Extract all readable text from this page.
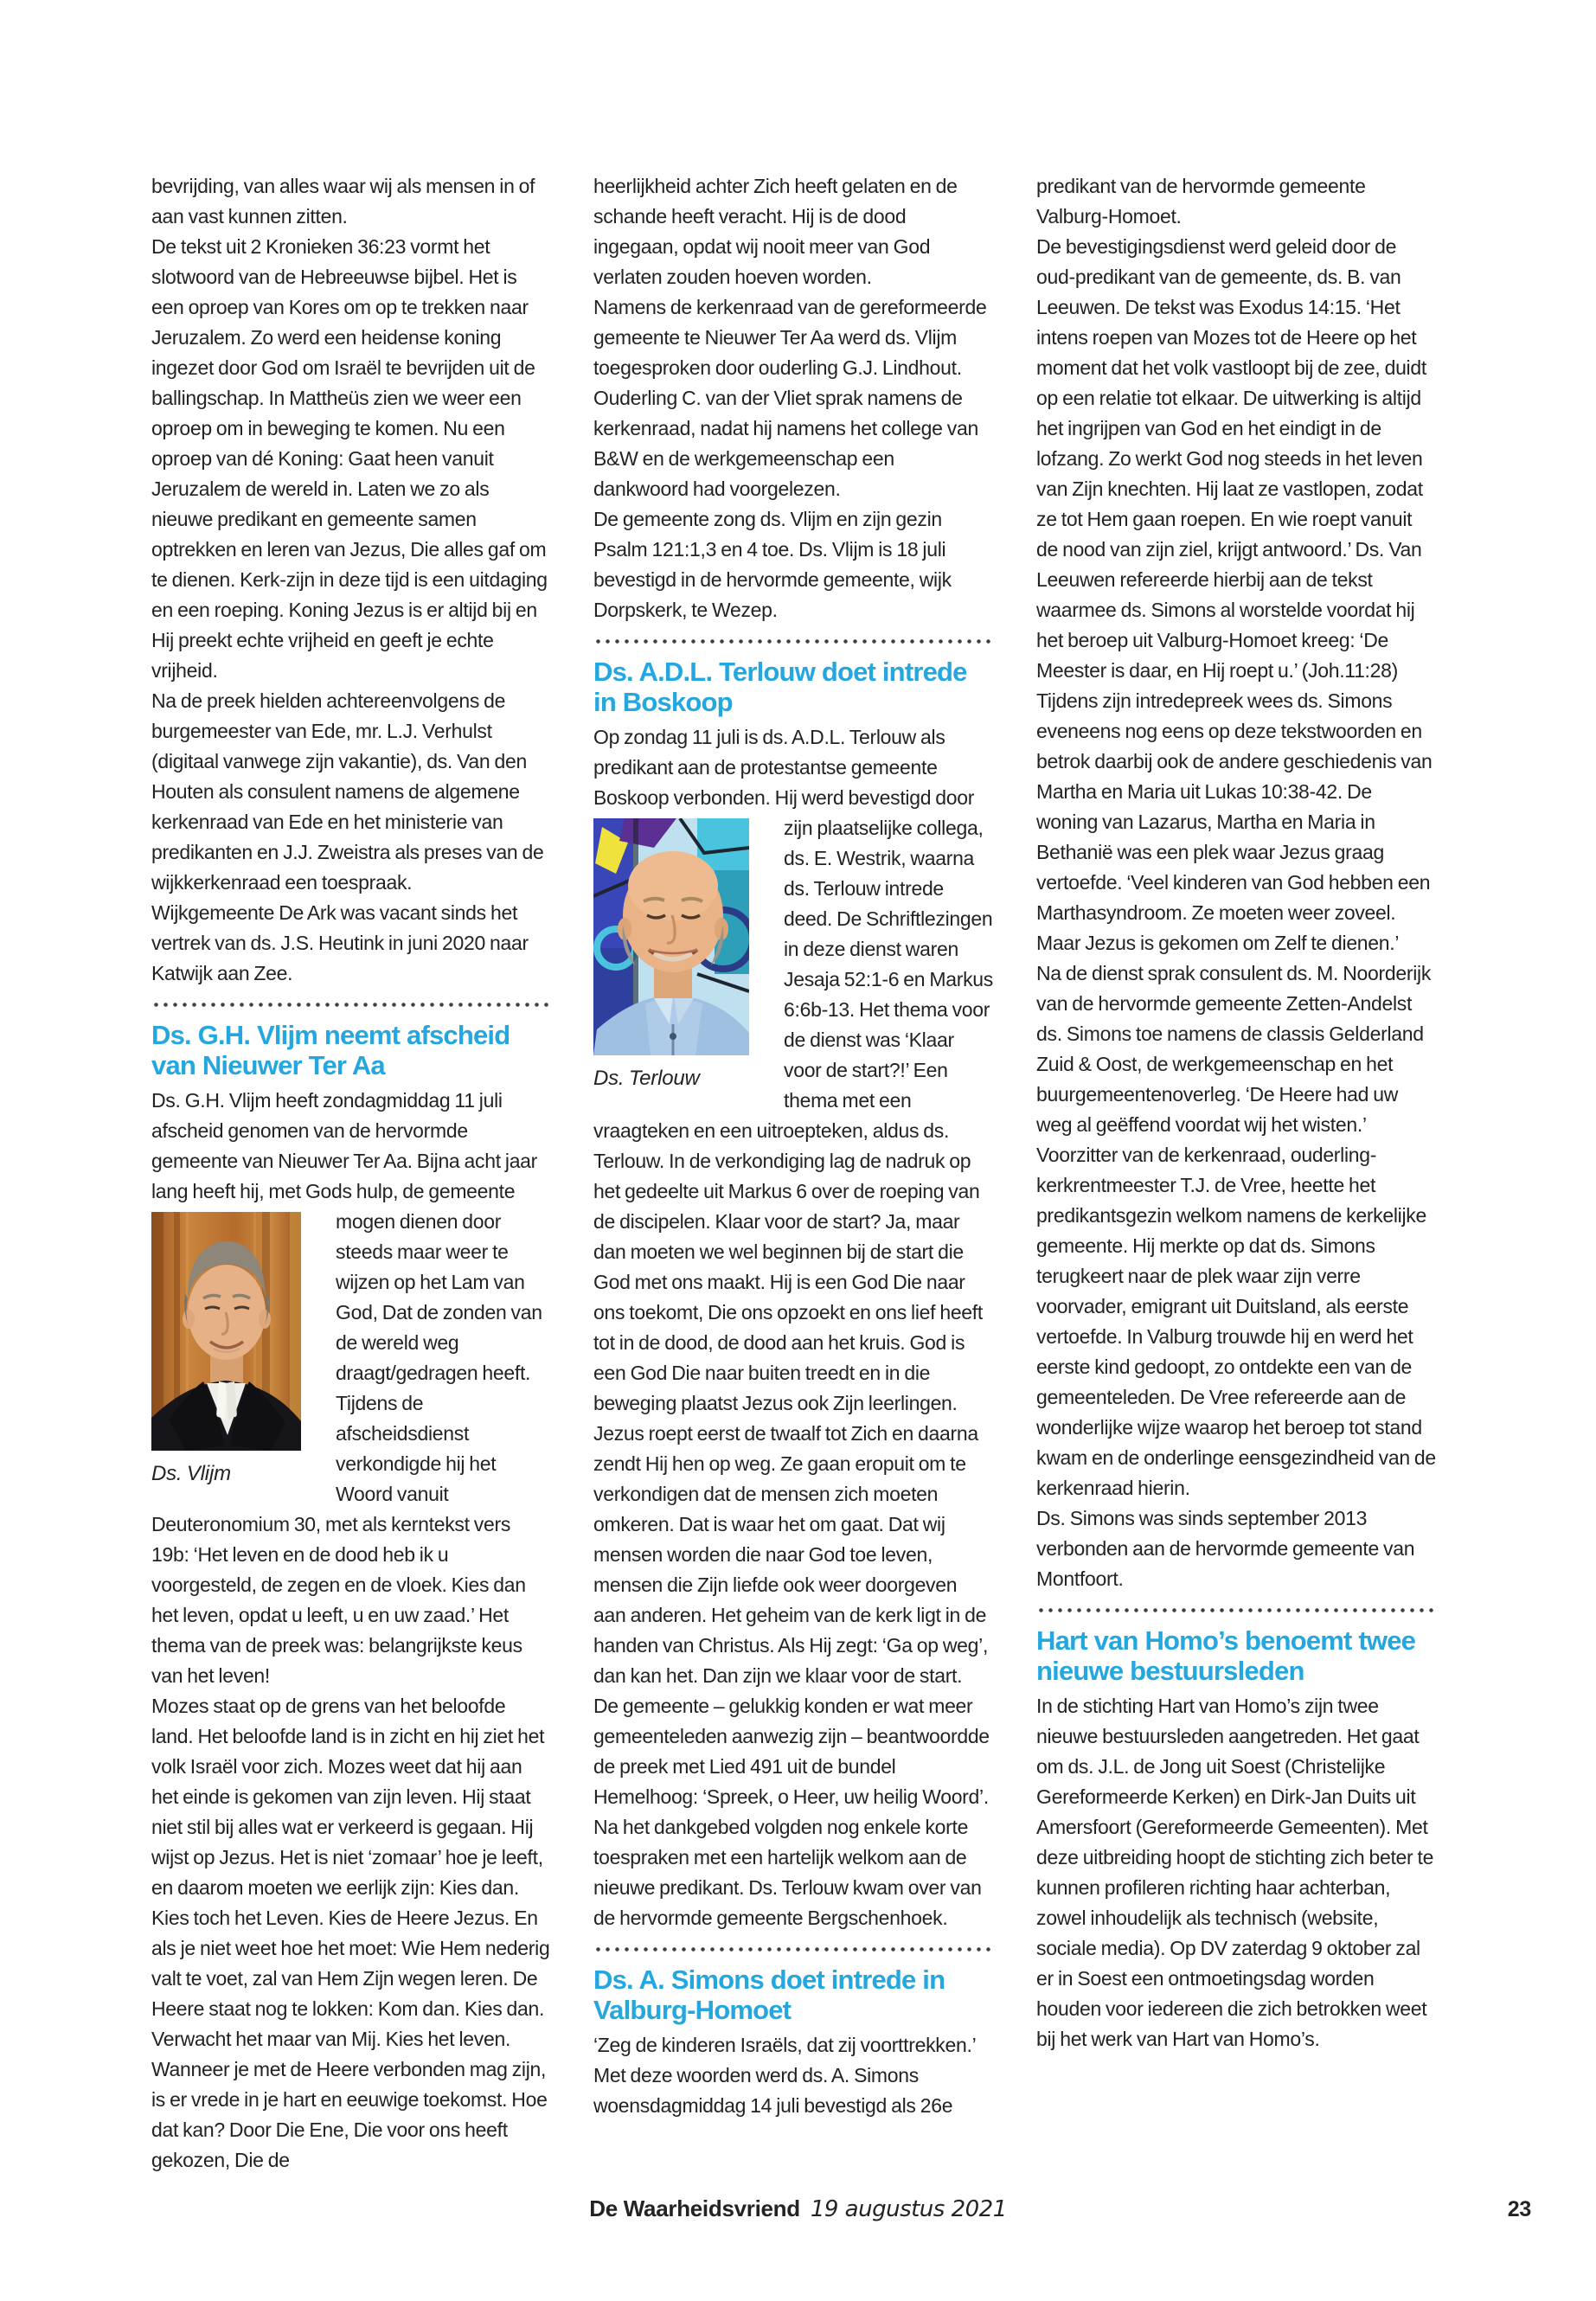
bevrijding, van alles waar wij als mensen in of aan vast kunnen zitten.

De tekst uit 2 Kronieken 36:23 vormt het slotwoord van de Hebreeuwse bijbel. Het is een oproep van Kores om op te trekken naar Jeruzalem. Zo werd een heidense koning ingezet door God om Israël te bevrijden uit de ballingschap. In Mattheüs zien we weer een oproep om in beweging te komen. Nu een oproep van dé Koning: Gaat heen vanuit Jeruzalem de wereld in. Laten we zo als nieuwe predikant en gemeente samen optrekken en leren van Jezus, Die alles gaf om te dienen. Kerk-zijn in deze tijd is een uitdaging en een roeping. Koning Jezus is er altijd bij en Hij preekt echte vrijheid en geeft je echte vrijheid.

Na de preek hielden achtereenvolgens de burgemeester van Ede, mr. L.J. Verhulst (digitaal vanwege zijn vakantie), ds. Van den Houten als consulent namens de algemene kerkenraad van Ede en het ministerie van predikanten en J.J. Zweistra als preses van de wijkkerkenraad een toespraak.

Wijkgemeente De Ark was vacant sinds het vertrek van ds. J.S. Heutink in juni 2020 naar Katwijk aan Zee.

Ds. G.H. Vlijm neemt afscheid van Nieuwer Ter Aa

Ds. G.H. Vlijm heeft zondagmiddag 11 juli afscheid genomen van de hervormde gemeente van Nieuwer Ter Aa. Bijna acht jaar lang heeft hij, met Gods hulp, de gemeente
Ds. Vlijm
mogen dienen door steeds maar weer te wijzen op het Lam van God, Dat de zonden van de wereld weg draagt/gedragen heeft. Tijdens de afscheidsdienst verkondigde hij het Woord vanuit Deuteronomium 30, met als kerntekst vers 19b: ‘Het leven en de dood heb ik u voorgesteld, de zegen en de vloek. Kies dan het leven, opdat u leeft, u en uw zaad.’ Het thema van de preek was: belangrijkste keus van het leven!

Mozes staat op de grens van het beloofde land. Het beloofde land is in zicht en hij ziet het volk Israël voor zich. Mozes weet dat hij aan het einde is gekomen van zijn leven. Hij staat niet stil bij alles wat er verkeerd is gegaan. Hij wijst op Jezus. Het is niet ‘zomaar’ hoe je leeft, en daarom moeten we eerlijk zijn: Kies dan. Kies toch het Leven. Kies de Heere Jezus. En als je niet weet hoe het moet: Wie Hem nederig valt te voet, zal van Hem Zijn wegen leren. De Heere staat nog te lokken: Kom dan. Kies dan. Verwacht het maar van Mij. Kies het leven. Wanneer je met de Heere verbonden mag zijn, is er vrede in je hart en eeuwige toekomst. Hoe dat kan? Door Die Ene, Die voor ons heeft gekozen, Die de

heerlijkheid achter Zich heeft gelaten en de schande heeft veracht. Hij is de dood ingegaan, opdat wij nooit meer van God verlaten zouden hoeven worden.

Namens de kerkenraad van de gereformeerde gemeente te Nieuwer Ter Aa werd ds. Vlijm toegesproken door ouderling G.J. Lindhout. Ouderling C. van der Vliet sprak namens de kerkenraad, nadat hij namens het college van B&W en de werkgemeenschap een dankwoord had voorgelezen.

De gemeente zong ds. Vlijm en zijn gezin Psalm 121:1,3 en 4 toe. Ds. Vlijm is 18 juli bevestigd in de hervormde gemeente, wijk Dorpskerk, te Wezep.

Ds. A.D.L. Terlouw doet intrede in Boskoop

Op zondag 11 juli is ds. A.D.L. Terlouw als predikant aan de protestantse gemeente Boskoop verbonden. Hij werd bevestigd door zijn
Ds. Terlouw
plaatselijke collega, ds. E. Westrik, waarna ds. Terlouw intrede deed. De Schriftlezingen in deze dienst waren Jesaja 52:1-6 en Markus 6:6b-13. Het thema voor de dienst was ‘Klaar voor de start?!’ Een thema met een vraagteken en een uitroepteken, aldus ds. Terlouw. In de verkondiging lag de nadruk op het gedeelte uit Markus 6 over de roeping van de discipelen. Klaar voor de start? Ja, maar dan moeten we wel beginnen bij de start die God met ons maakt. Hij is een God Die naar ons toekomt, Die ons opzoekt en ons lief heeft tot in de dood, de dood aan het kruis. God is een God Die naar buiten treedt en in die beweging plaatst Jezus ook Zijn leerlingen. Jezus roept eerst de twaalf tot Zich en daarna zendt Hij hen op weg. Ze gaan eropuit om te verkondigen dat de mensen zich moeten omkeren. Dat is waar het om gaat. Dat wij mensen worden die naar God toe leven, mensen die Zijn liefde ook weer doorgeven aan anderen. Het geheim van de kerk ligt in de handen van Christus. Als Hij zegt: ‘Ga op weg’, dan kan het. Dan zijn we klaar voor de start.

De gemeente – gelukkig konden er wat meer gemeenteleden aanwezig zijn – beantwoordde de preek met Lied 491 uit de bundel Hemelhoog: ‘Spreek, o Heer, uw heilig Woord’. Na het dankgebed volgden nog enkele korte toespraken met een hartelijk welkom aan de nieuwe predikant. Ds. Terlouw kwam over van de hervormde gemeente Bergschenhoek.

Ds. A. Simons doet intrede in Valburg-Homoet

‘Zeg de kinderen Israëls, dat zij voorttrekken.’ Met deze woorden werd ds. A. Simons woensdagmiddag 14 juli bevestigd als 26e

predikant van de hervormde gemeente Valburg-Homoet.

De bevestigingsdienst werd geleid door de oud-predikant van de gemeente, ds. B. van Leeuwen. De tekst was Exodus 14:15. ‘Het intens roepen van Mozes tot de Heere op het moment dat het volk vastloopt bij de zee, duidt op een relatie tot elkaar. De uitwerking is altijd het ingrijpen van God en het eindigt in de lofzang. Zo werkt God nog steeds in het leven van Zijn knechten. Hij laat ze vastlopen, zodat ze tot Hem gaan roepen. En wie roept vanuit de nood van zijn ziel, krijgt antwoord.’ Ds. Van Leeuwen refereerde hierbij aan de tekst waarmee ds. Simons al worstelde voordat hij het beroep uit Valburg-Homoet kreeg: ‘De Meester is daar, en Hij roept u.’ (Joh.11:28)

Tijdens zijn intredepreek wees ds. Simons eveneens nog eens op deze tekstwoorden en betrok daarbij ook de andere geschiedenis van Martha en Maria uit Lukas 10:38-42. De woning van Lazarus, Martha en Maria in Bethanië was een plek waar Jezus graag vertoefde. ‘Veel kinderen van God hebben een Marthasyndroom. Ze moeten weer zoveel. Maar Jezus is gekomen om Zelf te dienen.’

Na de dienst sprak consulent ds. M. Noorderijk van de hervormde gemeente Zetten-Andelst ds. Simons toe namens de classis Gelderland Zuid & Oost, de werkgemeenschap en het buurgemeentenoverleg. ‘De Heere had uw weg al geëffend voordat wij het wisten.’

Voorzitter van de kerkenraad, ouderling-kerkrentmeester T.J. de Vree, heette het predikantsgezin welkom namens de kerkelijke gemeente. Hij merkte op dat ds. Simons terugkeert naar de plek waar zijn verre voorvader, emigrant uit Duitsland, als eerste vertoefde. In Valburg trouwde hij en werd het eerste kind gedoopt, zo ontdekte een van de gemeenteleden. De Vree refereerde aan de wonderlijke wijze waarop het beroep tot stand kwam en de onderlinge eensgezindheid van de kerkenraad hierin.

Ds. Simons was sinds september 2013 verbonden aan de hervormde gemeente van Montfoort.

Hart van Homo’s benoemt twee nieuwe bestuursleden

In de stichting Hart van Homo’s zijn twee nieuwe bestuursleden aangetreden. Het gaat om ds. J.L. de Jong uit Soest (Christelijke Gereformeerde Kerken) en Dirk-Jan Duits uit Amersfoort (Gereformeerde Gemeenten). Met deze uitbreiding hoopt de stichting zich beter te kunnen profileren richting haar achterban, zowel inhoudelijk als technisch (website, sociale media). Op DV zaterdag 9 oktober zal er in Soest een ontmoetingsdag worden houden voor iedereen die zich betrokken weet bij het werk van Hart van Homo’s.

De Waarheidsvriend 19 augustus 2021	23
